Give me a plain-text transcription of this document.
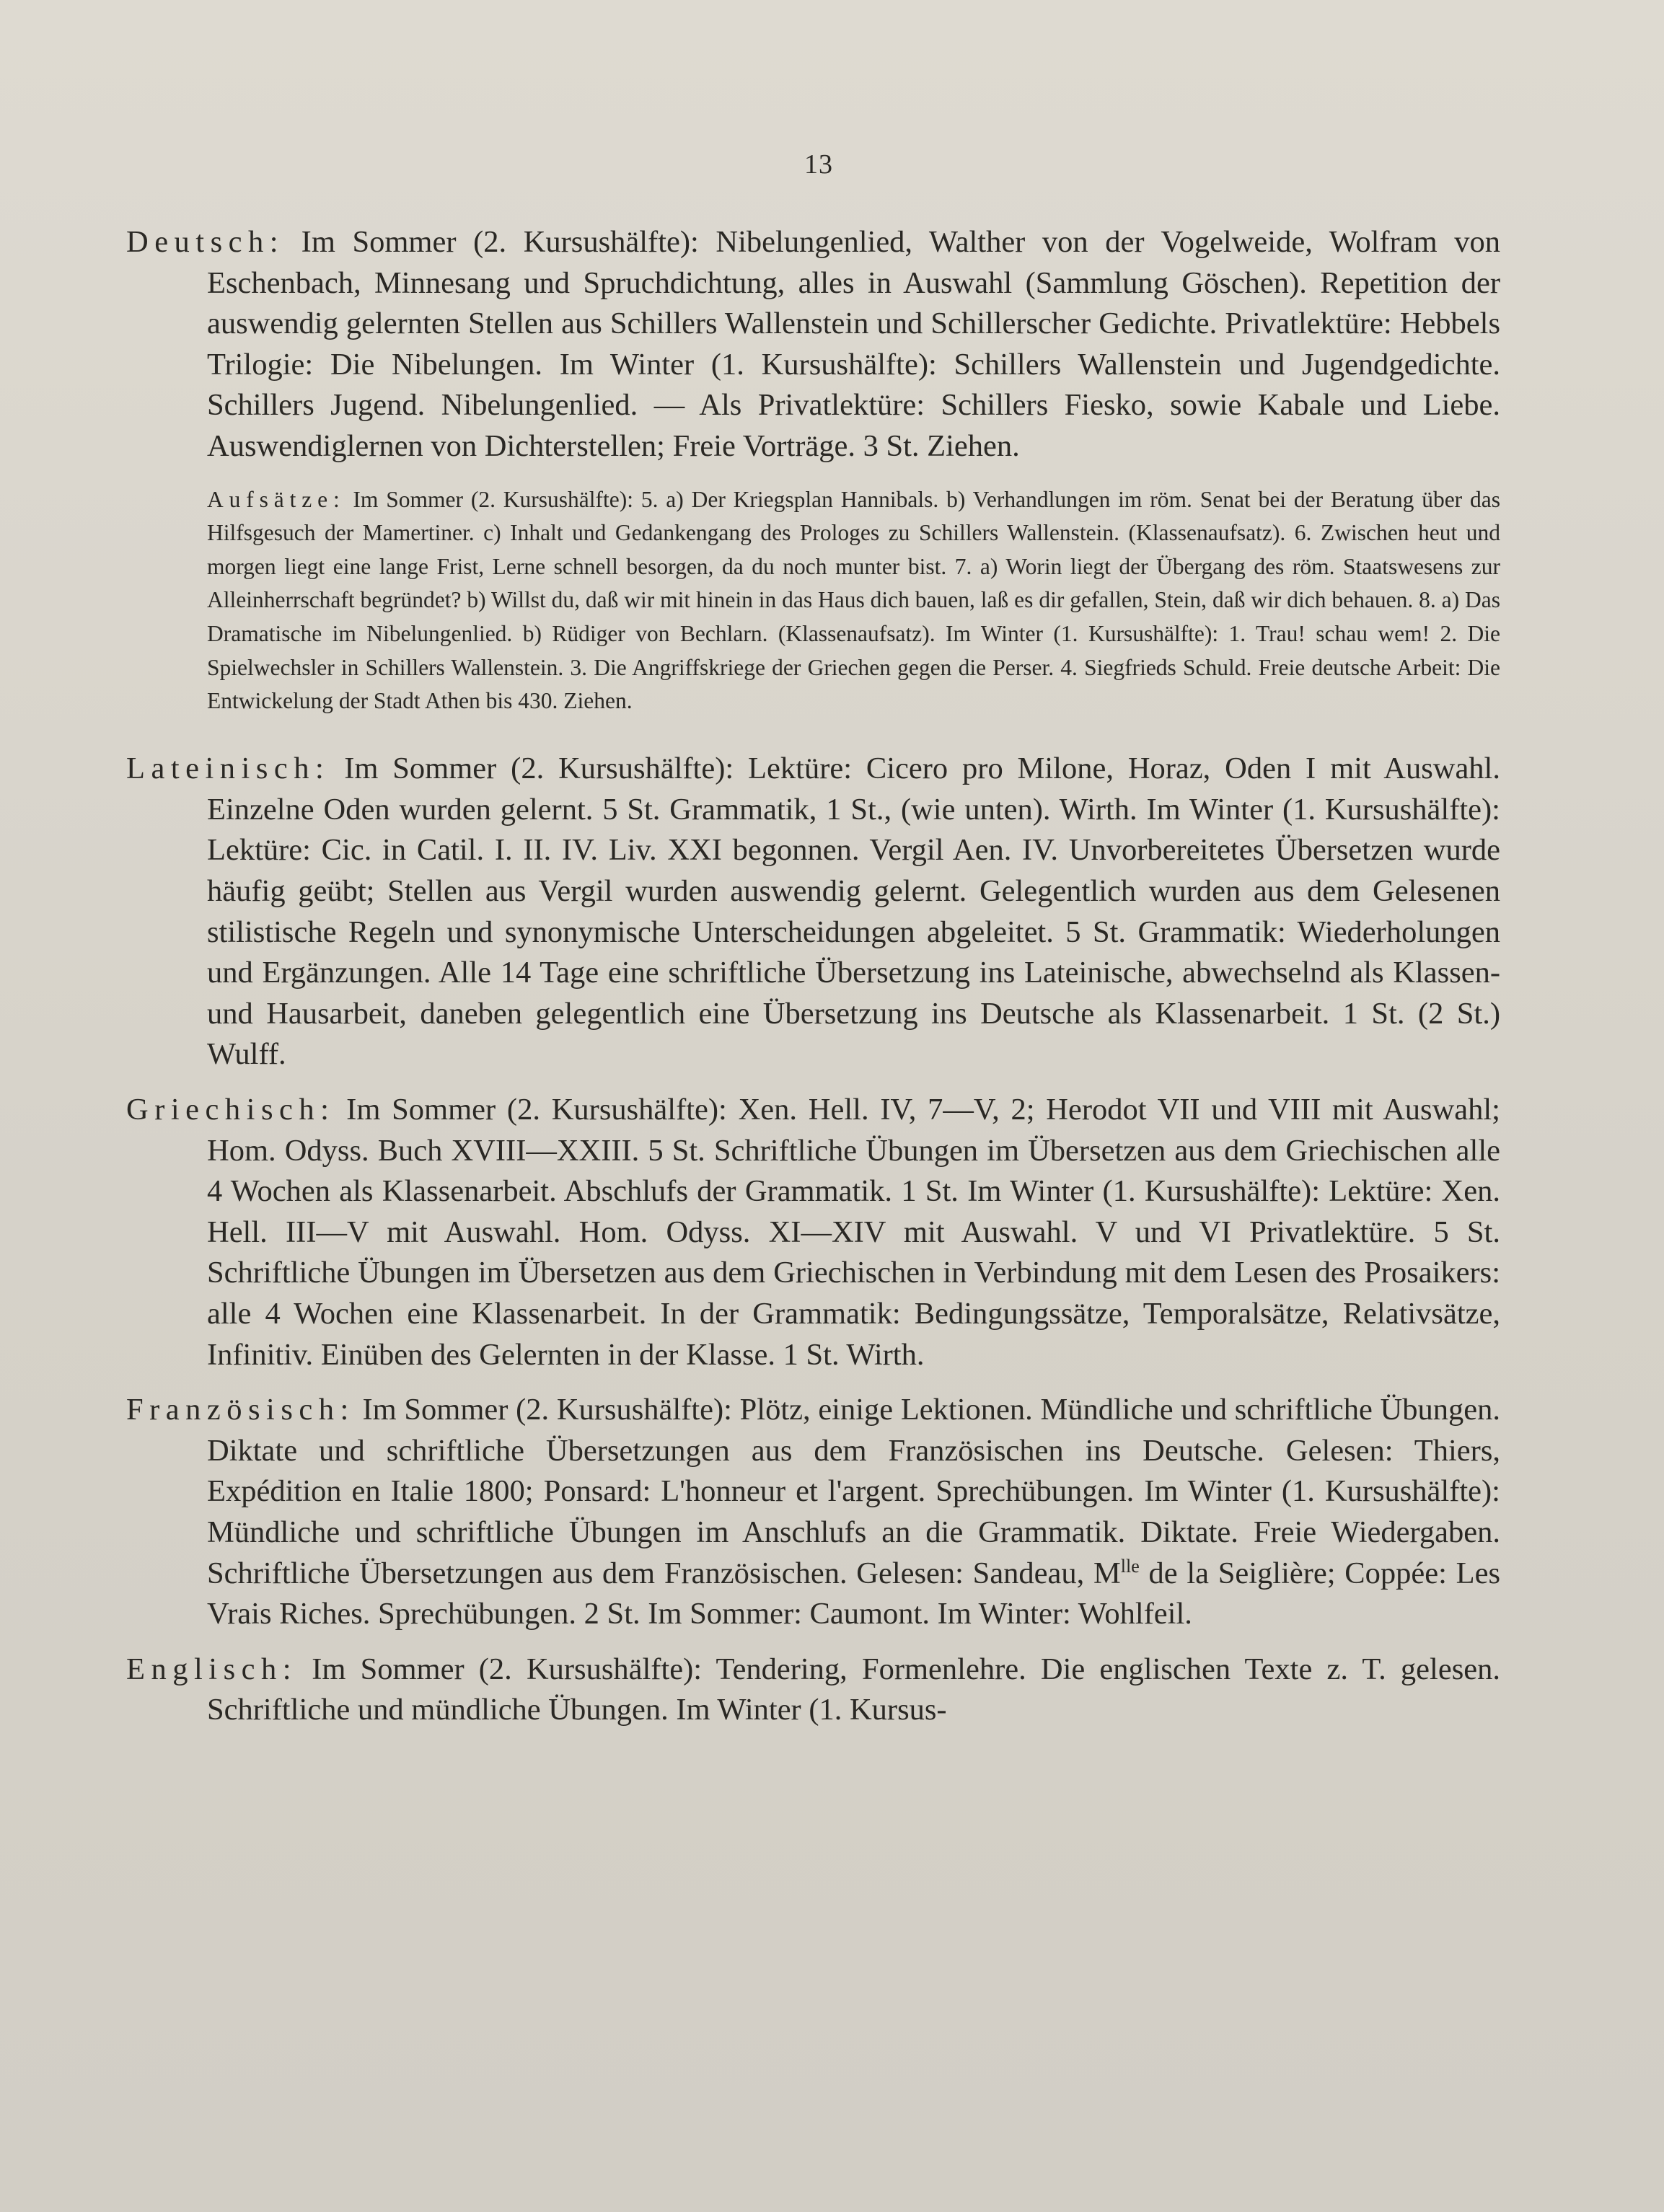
13

Deutsch: Im Sommer (2. Kursushälfte): Nibelungenlied, Walther von der Vogelweide, Wolfram von Eschenbach, Minnesang und Spruchdichtung, alles in Auswahl (Sammlung Göschen). Repetition der auswendig gelernten Stellen aus Schillers Wallenstein und Schillerscher Gedichte. Privatlektüre: Hebbels Trilogie: Die Nibelungen. Im Winter (1. Kursushälfte): Schillers Wallenstein und Jugendgedichte. Schillers Jugend. Nibelungenlied. — Als Privatlektüre: Schillers Fiesko, sowie Kabale und Liebe. Auswendiglernen von Dichterstellen; Freie Vorträge. 3 St. Ziehen.

Aufsätze: Im Sommer (2. Kursushälfte): 5. a) Der Kriegsplan Hannibals. b) Verhandlungen im röm. Senat bei der Beratung über das Hilfsgesuch der Mamertiner. c) Inhalt und Gedankengang des Prologes zu Schillers Wallenstein. (Klassenaufsatz). 6. Zwischen heut und morgen liegt eine lange Frist, Lerne schnell besorgen, da du noch munter bist. 7. a) Worin liegt der Übergang des röm. Staatswesens zur Alleinherrschaft begründet? b) Willst du, daß wir mit hinein in das Haus dich bauen, laß es dir gefallen, Stein, daß wir dich behauen. 8. a) Das Dramatische im Nibelungenlied. b) Rüdiger von Bechlarn. (Klassenaufsatz). Im Winter (1. Kursushälfte): 1. Trau! schau wem! 2. Die Spielwechsler in Schillers Wallenstein. 3. Die Angriffskriege der Griechen gegen die Perser. 4. Siegfrieds Schuld. Freie deutsche Arbeit: Die Entwickelung der Stadt Athen bis 430. Ziehen.

Lateinisch: Im Sommer (2. Kursushälfte): Lektüre: Cicero pro Milone, Horaz, Oden I mit Auswahl. Einzelne Oden wurden gelernt. 5 St. Grammatik, 1 St., (wie unten). Wirth. Im Winter (1. Kursushälfte): Lektüre: Cic. in Catil. I. II. IV. Liv. XXI begonnen. Vergil Aen. IV. Unvorbereitetes Übersetzen wurde häufig geübt; Stellen aus Vergil wurden auswendig gelernt. Gelegentlich wurden aus dem Gelesenen stilistische Regeln und synonymische Unterscheidungen abgeleitet. 5 St. Grammatik: Wiederholungen und Ergänzungen. Alle 14 Tage eine schriftliche Übersetzung ins Lateinische, abwechselnd als Klassen- und Hausarbeit, daneben gelegentlich eine Übersetzung ins Deutsche als Klassenarbeit. 1 St. (2 St.) Wulff.

Griechisch: Im Sommer (2. Kursushälfte): Xen. Hell. IV, 7—V, 2; Herodot VII und VIII mit Auswahl; Hom. Odyss. Buch XVIII—XXIII. 5 St. Schriftliche Übungen im Übersetzen aus dem Griechischen alle 4 Wochen als Klassenarbeit. Abschlufs der Grammatik. 1 St. Im Winter (1. Kursushälfte): Lektüre: Xen. Hell. III—V mit Auswahl. Hom. Odyss. XI—XIV mit Auswahl. V und VI Privatlektüre. 5 St. Schriftliche Übungen im Übersetzen aus dem Griechischen in Verbindung mit dem Lesen des Prosaikers: alle 4 Wochen eine Klassenarbeit. In der Grammatik: Bedingungssätze, Temporalsätze, Relativsätze, Infinitiv. Einüben des Gelernten in der Klasse. 1 St. Wirth.

Französisch: Im Sommer (2. Kursushälfte): Plötz, einige Lektionen. Mündliche und schriftliche Übungen. Diktate und schriftliche Übersetzungen aus dem Französischen ins Deutsche. Gelesen: Thiers, Expédition en Italie 1800; Ponsard: L'honneur et l'argent. Sprechübungen. Im Winter (1. Kursushälfte): Mündliche und schriftliche Übungen im Anschlufs an die Grammatik. Diktate. Freie Wiedergaben. Schriftliche Übersetzungen aus dem Französischen. Gelesen: Sandeau, $M^{lle}$ de la Seiglière; Coppée: Les Vrais Riches. Sprechübungen. 2 St. Im Sommer: Caumont. Im Winter: Wohlfeil.

Englisch: Im Sommer (2. Kursushälfte): Tendering, Formenlehre. Die englischen Texte z. T. gelesen. Schriftliche und mündliche Übungen. Im Winter (1. Kursus-
